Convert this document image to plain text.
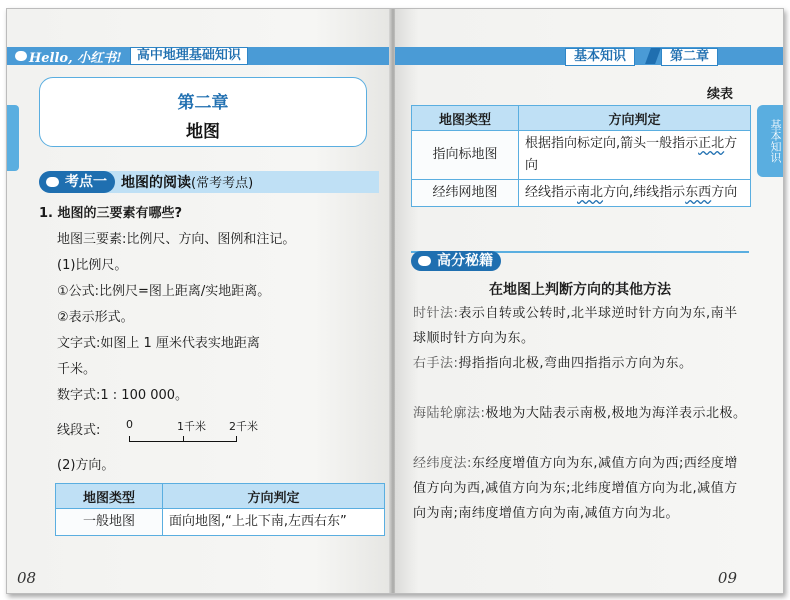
Hello, 小红书!	高中地理基础知识
第二章
地图
考点一	地图的阅读(常考考点)
1. 地图的三要素有哪些?
地图三要素:比例尺、方向、图例和注记。
(1)比例尺。
①公式:比例尺=图上距离/实地距离。
②表示形式。
文字式:如图上 1 厘米代表实地距离
千米。
数字式:1 : 100 000。
线段式: 0	1千米 2千米
(2)方向。
地图类型	方向判定
一般地图	面向地图,“上北下南,左西右东”
08
基本知识	第二章
基本知识
续表
地图类型	方向判定
指向标地图	根据指向标定向,箭头一般指示正北方向
经纬网地图	经线指示南北方向,纬线指示东西方向
高分秘籍
在地图上判断方向的其他方法
时针法:表示自转或公转时,北半球逆时针方向为东,南半球顺时针方向为东。
右手法:拇指指向北极,弯曲四指指示方向为东。
海陆轮廓法:极地为大陆表示南极,极地为海洋表示北极。
经纬度法:东经度增值方向为东,减值方向为西;西经度增值方向为西,减值方向为东;北纬度增值方向为北,减值方向为南;南纬度增值方向为南,减值方向为北。
09
